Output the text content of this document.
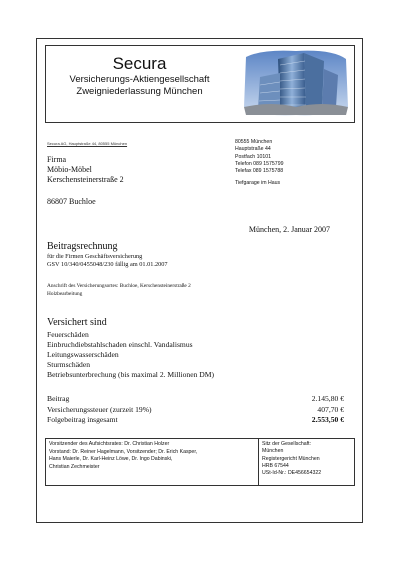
Secura
Versicherungs-Aktiengesellschaft
Zweigniederlassung München
Secura AG, Hauptstraße 44, 80555 München
Firma
Möbio-Möbel
Kerschensteinerstraße 2
86807 Buchloe
80555 München
Hauptstraße 44
Postfach 10101
Telefon 089 1575799
Telefax 089 1575788
Tiefgarage im Haus
München, 2. Januar 2007
Beitragsrechnung
für die Firmen Geschäftsversicherung
GSV 10/340/0455048/230 fällig am 01.01.2007
Anschrift des Versicherungsortes: Buchloe, Kerschensteinerstraße 2
Holzbearbeitung
Versichert sind
Feuerschäden
Einbruchdiebstahlschaden einschl. Vandalismus
Leitungswasserschäden
Sturmschäden
Betriebsunterbrechung (bis maximal 2. Millionen DM)
Beitrag	2.145,80 €
Versicherungssteuer (zurzeit 19%)	407,70 €
Folgebeitrag insgesamt	2.553,50 €
Vorsitzender des Aufsichtsrates: Dr. Christian Holzer
Vorstand: Dr. Reiner Hagelmann, Vorsitzender; Dr. Erich Kasper,
Hans Maierle, Dr. Karl-Heinz Löwe, Dr. Ingo Dabinski,
Christian Zechmeister
Sitz der Gesellschaft:
München
Registergericht München
HRB 67544
USt-Id-Nr.: DE456654322
